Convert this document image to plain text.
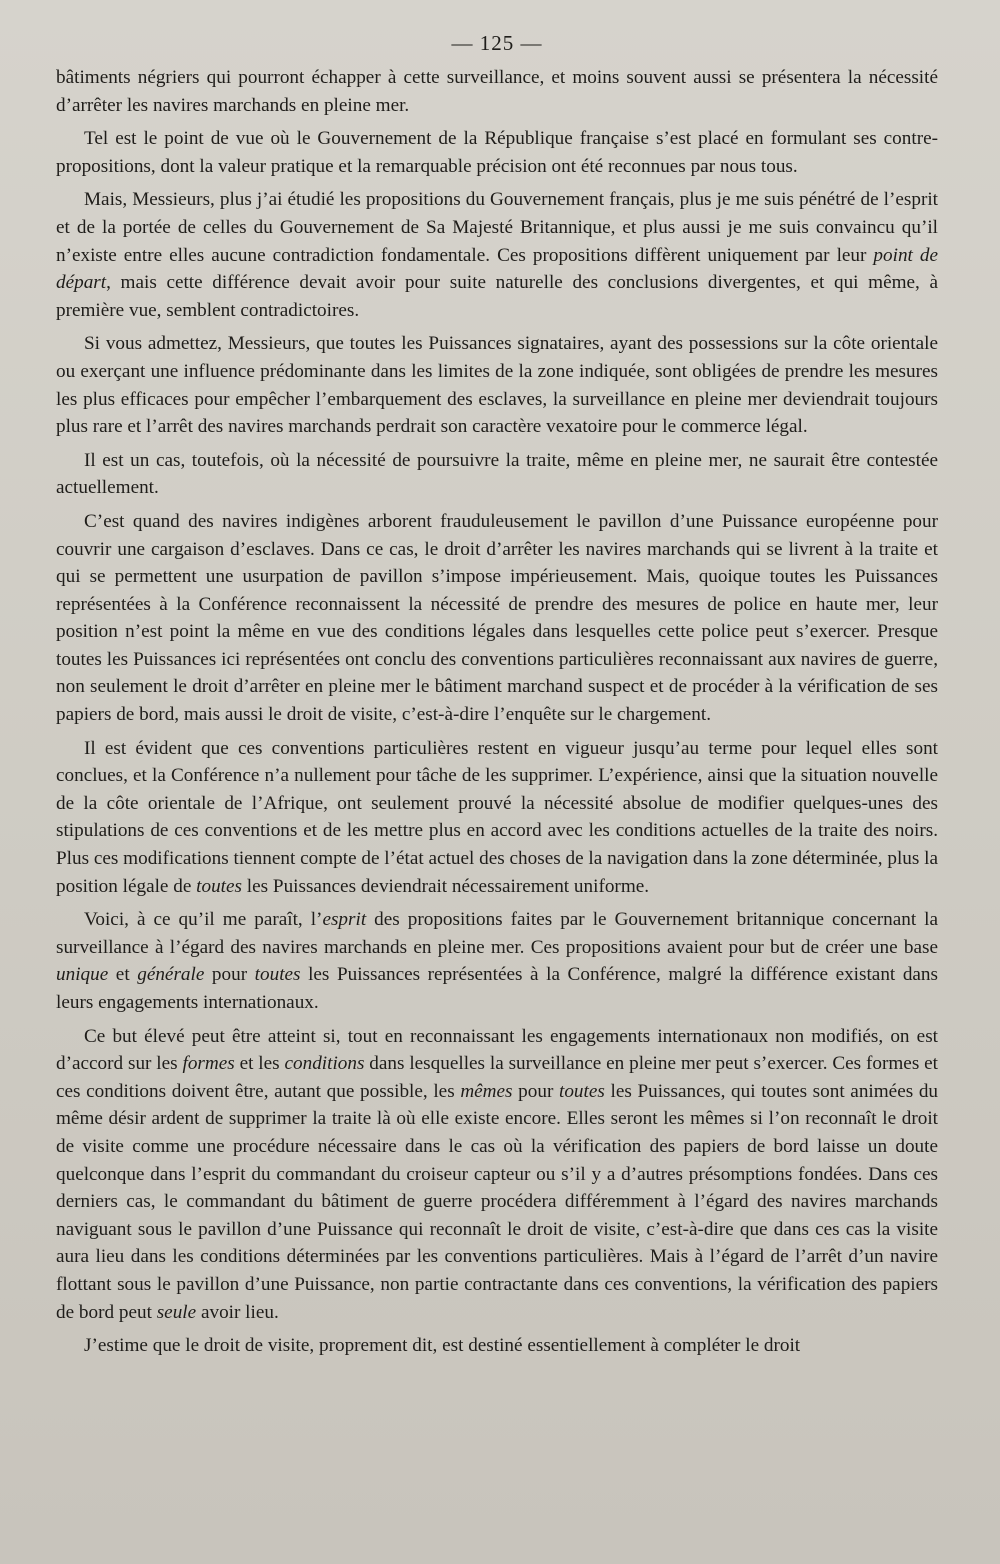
— 125 —

bâtiments négriers qui pourront échapper à cette surveillance, et moins souvent aussi se présentera la nécessité d’arrêter les navires marchands en pleine mer.

Tel est le point de vue où le Gouvernement de la République française s’est placé en formulant ses contre-propositions, dont la valeur pratique et la remarquable précision ont été reconnues par nous tous.

Mais, Messieurs, plus j’ai étudié les propositions du Gouvernement français, plus je me suis pénétré de l’esprit et de la portée de celles du Gouvernement de Sa Majesté Britannique, et plus aussi je me suis convaincu qu’il n’existe entre elles aucune contradiction fondamentale. Ces propositions diffèrent uniquement par leur point de départ, mais cette différence devait avoir pour suite naturelle des conclusions divergentes, et qui même, à première vue, semblent contradictoires.

Si vous admettez, Messieurs, que toutes les Puissances signataires, ayant des possessions sur la côte orientale ou exerçant une influence prédominante dans les limites de la zone indiquée, sont obligées de prendre les mesures les plus efficaces pour empêcher l’embarquement des esclaves, la surveillance en pleine mer deviendrait toujours plus rare et l’arrêt des navires marchands perdrait son caractère vexatoire pour le commerce légal.

Il est un cas, toutefois, où la nécessité de poursuivre la traite, même en pleine mer, ne saurait être contestée actuellement.

C’est quand des navires indigènes arborent frauduleusement le pavillon d’une Puissance européenne pour couvrir une cargaison d’esclaves. Dans ce cas, le droit d’arrêter les navires marchands qui se livrent à la traite et qui se permettent une usurpation de pavillon s’impose impérieusement. Mais, quoique toutes les Puissances représentées à la Conférence reconnaissent la nécessité de prendre des mesures de police en haute mer, leur position n’est point la même en vue des conditions légales dans lesquelles cette police peut s’exercer. Presque toutes les Puissances ici représentées ont conclu des conventions particulières reconnaissant aux navires de guerre, non seulement le droit d’arrêter en pleine mer le bâtiment marchand suspect et de procéder à la vérification de ses papiers de bord, mais aussi le droit de visite, c’est-à-dire l’enquête sur le chargement.

Il est évident que ces conventions particulières restent en vigueur jusqu’au terme pour lequel elles sont conclues, et la Conférence n’a nullement pour tâche de les supprimer. L’expérience, ainsi que la situation nouvelle de la côte orientale de l’Afrique, ont seulement prouvé la nécessité absolue de modifier quelques-unes des stipulations de ces conventions et de les mettre plus en accord avec les conditions actuelles de la traite des noirs. Plus ces modifications tiennent compte de l’état actuel des choses de la navigation dans la zone déterminée, plus la position légale de toutes les Puissances deviendrait nécessairement uniforme.

Voici, à ce qu’il me paraît, l’esprit des propositions faites par le Gouvernement britannique concernant la surveillance à l’égard des navires marchands en pleine mer. Ces propositions avaient pour but de créer une base unique et générale pour toutes les Puissances représentées à la Conférence, malgré la différence existant dans leurs engagements internationaux.

Ce but élevé peut être atteint si, tout en reconnaissant les engagements internationaux non modifiés, on est d’accord sur les formes et les conditions dans lesquelles la surveillance en pleine mer peut s’exercer. Ces formes et ces conditions doivent être, autant que possible, les mêmes pour toutes les Puissances, qui toutes sont animées du même désir ardent de supprimer la traite là où elle existe encore. Elles seront les mêmes si l’on reconnaît le droit de visite comme une procédure nécessaire dans le cas où la vérification des papiers de bord laisse un doute quelconque dans l’esprit du commandant du croiseur capteur ou s’il y a d’autres présomptions fondées. Dans ces derniers cas, le commandant du bâtiment de guerre procédera différemment à l’égard des navires marchands naviguant sous le pavillon d’une Puissance qui reconnaît le droit de visite, c’est-à-dire que dans ces cas la visite aura lieu dans les conditions déterminées par les conventions particulières. Mais à l’égard de l’arrêt d’un navire flottant sous le pavillon d’une Puissance, non partie contractante dans ces conventions, la vérification des papiers de bord peut seule avoir lieu.

J’estime que le droit de visite, proprement dit, est destiné essentiellement à compléter le droit
